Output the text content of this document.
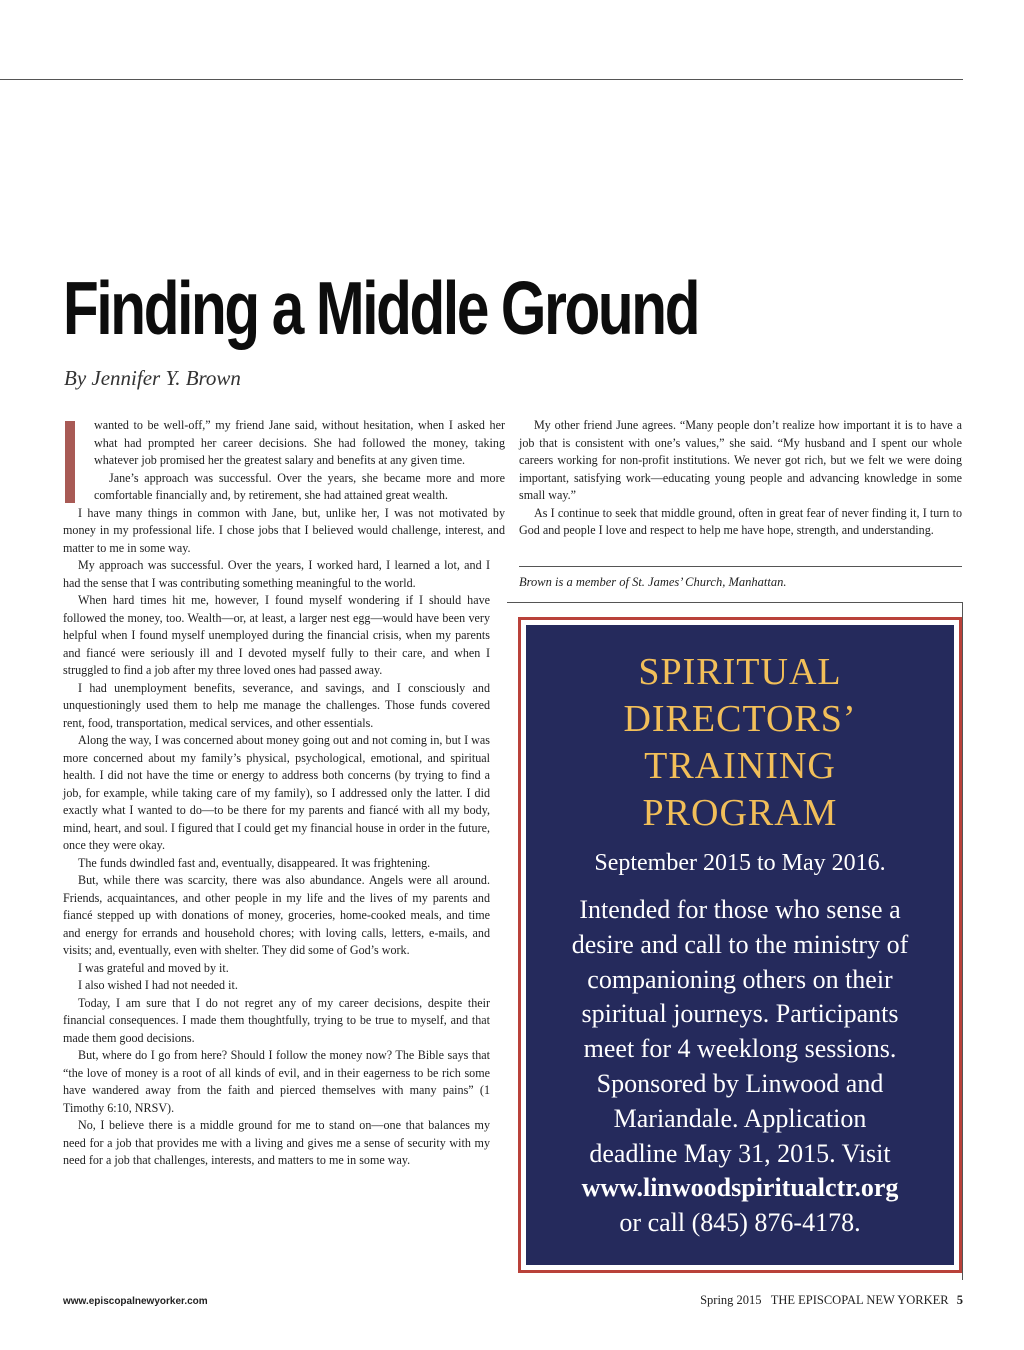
Finding a Middle Ground
By Jennifer Y. Brown

wanted to be well-off,” my friend Jane said, without hesitation, when I asked her what had prompted her career decisions. She had followed the money, taking whatever job promised her the greatest salary and benefits at any given time.

Jane’s approach was successful. Over the years, she became more and more comfortable financially and, by retirement, she had attained great wealth.

I have many things in common with Jane, but, unlike her, I was not motivated by money in my professional life. I chose jobs that I believed would challenge, interest, and matter to me in some way.

My approach was successful. Over the years, I worked hard, I learned a lot, and I had the sense that I was contributing something meaningful to the world.

When hard times hit me, however, I found myself wondering if I should have followed the money, too. Wealth—or, at least, a larger nest egg—would have been very helpful when I found myself unemployed during the financial crisis, when my parents and fiancé were seriously ill and I devoted myself fully to their care, and when I struggled to find a job after my three loved ones had passed away.

I had unemployment benefits, severance, and savings, and I consciously and unquestioningly used them to help me manage the challenges. Those funds covered rent, food, transportation, medical services, and other essentials.

Along the way, I was concerned about money going out and not coming in, but I was more concerned about my family’s physical, psychological, emotional, and spiritual health. I did not have the time or energy to address both concerns (by trying to find a job, for example, while taking care of my family), so I addressed only the latter. I did exactly what I wanted to do—to be there for my parents and fiancé with all my body, mind, heart, and soul. I figured that I could get my financial house in order in the future, once they were okay.

The funds dwindled fast and, eventually, disappeared. It was frightening.

But, while there was scarcity, there was also abundance. Angels were all around. Friends, acquaintances, and other people in my life and the lives of my parents and fiancé stepped up with donations of money, groceries, home-cooked meals, and time and energy for errands and household chores; with loving calls, letters, e-mails, and visits; and, eventually, even with shelter. They did some of God’s work.

I was grateful and moved by it.

I also wished I had not needed it.

Today, I am sure that I do not regret any of my career decisions, despite their financial consequences. I made them thoughtfully, trying to be true to myself, and that made them good decisions.

But, where do I go from here? Should I follow the money now? The Bible says that “the love of money is a root of all kinds of evil, and in their eagerness to be rich some have wandered away from the faith and pierced themselves with many pains” (1 Timothy 6:10, NRSV).

No, I believe there is a middle ground for me to stand on—one that balances my need for a job that provides me with a living and gives me a sense of security with my need for a job that challenges, interests, and matters to me in some way.

My other friend June agrees. “Many people don’t realize how important it is to have a job that is consistent with one’s values,” she said. “My husband and I spent our whole careers working for non-profit institutions. We never got rich, but we felt we were doing important, satisfying work—educating young people and advancing knowledge in some small way.”

As I continue to seek that middle ground, often in great fear of never finding it, I turn to God and people I love and respect to help me have hope, strength, and understanding.

Brown is a member of St. James’ Church, Manhattan.
SPIRITUAL
DIRECTORS’
TRAINING
PROGRAM
September 2015 to May 2016.
Intended for those who sense a
desire and call to the ministry of
companioning others on their
spiritual journeys. Participants
meet for 4 weeklong sessions.
Sponsored by Linwood and
Mariandale. Application
deadline May 31, 2015. Visit
www.linwoodspiritualctr.org
or call (845) 876-4178.
www.episcopalnewyorker.com	Spring 2015 THE EPISCOPAL NEW YORKER 5
